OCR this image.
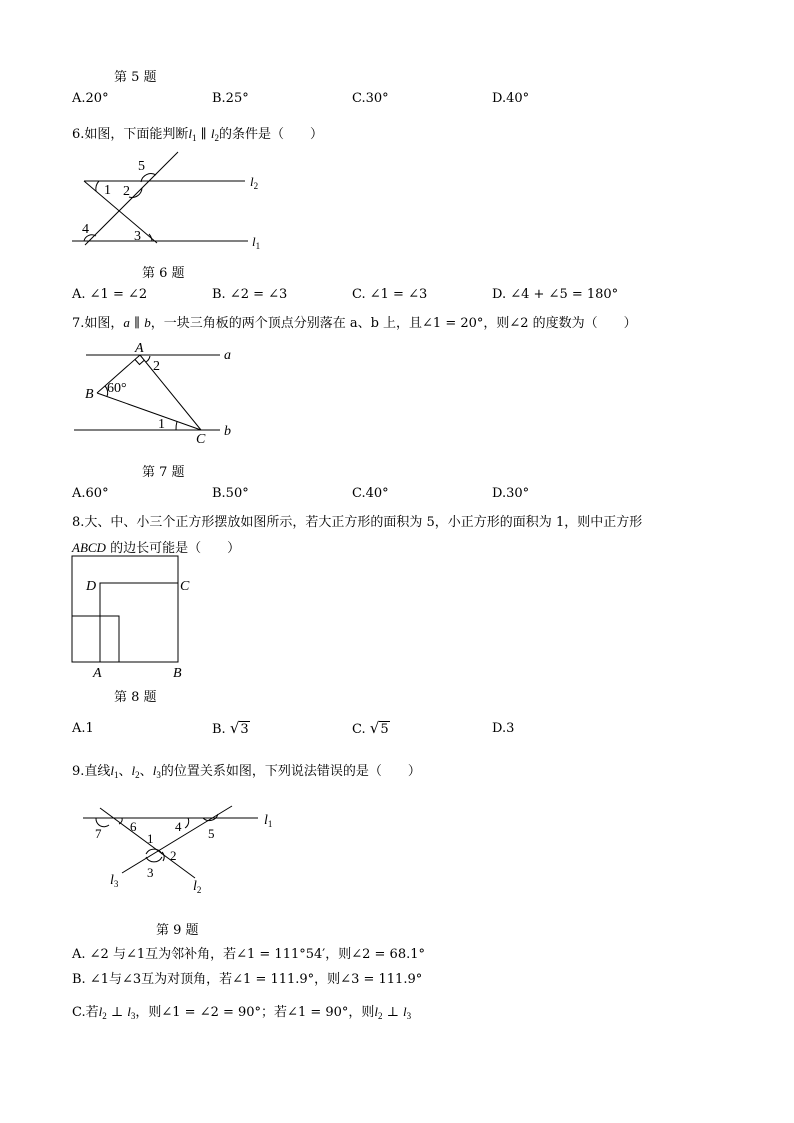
第 5 题
A.20°	B.25°	C.30°	D.40°
6.如图，下面能判断$l_1$ ∥ $l_2$的条件是（　　）
5
1 2
4	3
$l_2$
$l_1$
第 6 题
A. ∠1 = ∠2	B. ∠2 = ∠3	C. ∠1 = ∠3	D. ∠4 + ∠5 = 180°
7.如图，a ∥ b，一块三角板的两个顶点分别落在 a、b 上，且∠1 = 20°，则∠2 的度数为（　　）
A
2
B 60°
1
C
a
b
第 7 题
A.60°	B.50°	C.40°	D.30°
8.大、中、小三个正方形摆放如图所示，若大正方形的面积为 5，小正方形的面积为 1，则中正方形
ABCD 的边长可能是（　　）
D	C
A	B
第 8 题
A.1	B. √3	C. √5	D.3
9.直线$l_1$、$l_2$、$l_3$的位置关系如图，下列说法错误的是（　　）
7 6
1
4 5
2
3
$l_1$
$l_2$
$l_3$
第 9 题
A. ∠2 与∠1互为邻补角，若∠1 = 111°54′，则∠2 = 68.1°
B. ∠1与∠3互为对顶角，若∠1 = 111.9°，则∠3 = 111.9°
C.若$l_2$ ⊥ $l_3$，则∠1 = ∠2 = 90°；若∠1 = 90°，则$l_2$ ⊥ $l_3$
